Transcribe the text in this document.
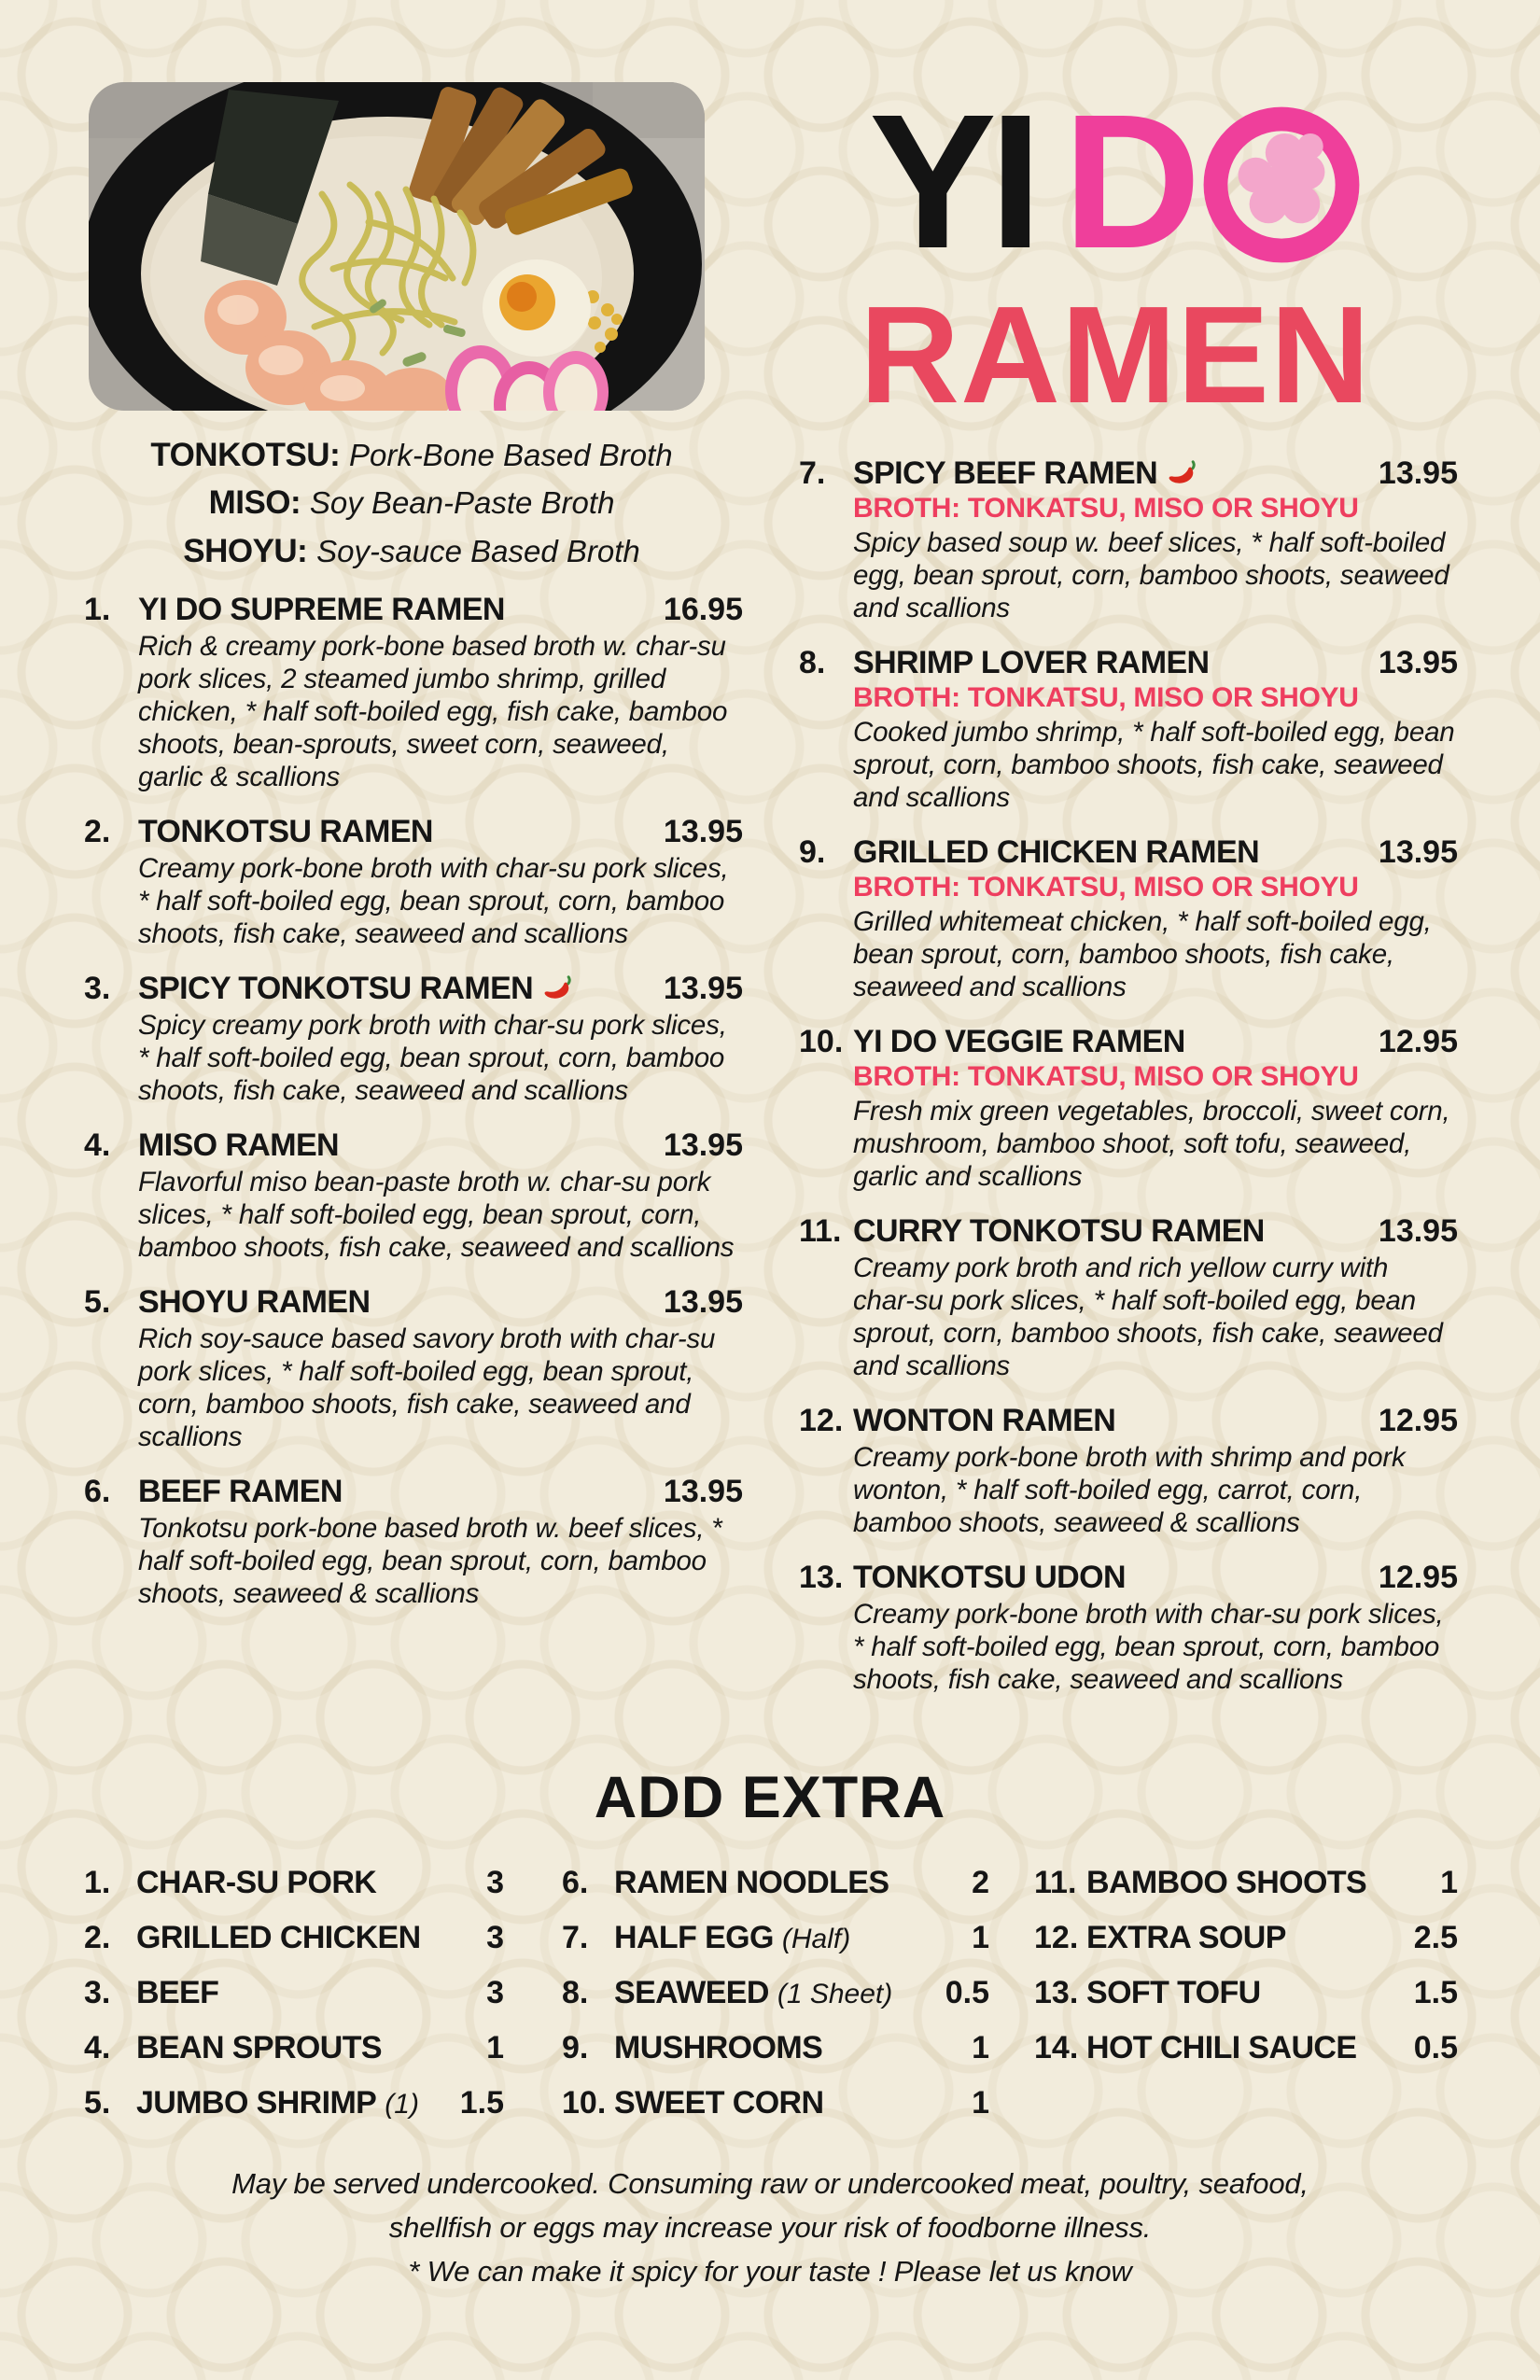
YI D
RAMEN
TONKOTSU: Pork-Bone Based Broth
MISO: Soy Bean-Paste Broth
SHOYU: Soy-sauce Based Broth
1. YI DO SUPREME RAMEN	16.95
Rich & creamy pork-bone based broth w. char-su pork slices, 2 steamed jumbo shrimp, grilled chicken, * half soft-boiled egg, fish cake, bamboo shoots, bean-sprouts, sweet corn, seaweed, garlic & scallions
2. TONKOTSU RAMEN	13.95
Creamy pork-bone broth with char-su pork slices, * half soft-boiled egg, bean sprout, corn, bamboo shoots, fish cake, seaweed and scallions
3. SPICY TONKOTSU RAMEN	13.95
Spicy creamy pork broth with char-su pork slices, * half soft-boiled egg, bean sprout, corn, bamboo shoots, fish cake, seaweed and scallions
4. MISO RAMEN	13.95
Flavorful miso bean-paste broth w. char-su pork slices, * half soft-boiled egg, bean sprout, corn, bamboo shoots, fish cake, seaweed and scallions
5. SHOYU RAMEN	13.95
Rich soy-sauce based savory broth with char-su pork slices, * half soft-boiled egg, bean sprout, corn, bamboo shoots, fish cake, seaweed and scallions
6. BEEF RAMEN	13.95
Tonkotsu pork-bone based broth w. beef slices, * half soft-boiled egg, bean sprout, corn, bamboo shoots, seaweed & scallions
7. SPICY BEEF RAMEN	13.95
BROTH: TONKATSU, MISO OR SHOYU
Spicy based soup w. beef slices, * half soft-boiled egg, bean sprout, corn, bamboo shoots, seaweed and scallions
8. SHRIMP LOVER RAMEN	13.95
BROTH: TONKATSU, MISO OR SHOYU
Cooked jumbo shrimp, * half soft-boiled egg, bean sprout, corn, bamboo shoots, fish cake, seaweed and scallions
9. GRILLED CHICKEN RAMEN	13.95
BROTH: TONKATSU, MISO OR SHOYU
Grilled whitemeat chicken, * half soft-boiled egg, bean sprout, corn, bamboo shoots, fish cake, seaweed and scallions
10. YI DO VEGGIE RAMEN	12.95
BROTH: TONKATSU, MISO OR SHOYU
Fresh mix green vegetables, broccoli, sweet corn, mushroom, bamboo shoot, soft tofu, seaweed, garlic and scallions
11. CURRY TONKOTSU RAMEN	13.95
Creamy pork broth and rich yellow curry with char-su pork slices, * half soft-boiled egg, bean sprout, corn, bamboo shoots, fish cake, seaweed and scallions
12. WONTON RAMEN	12.95
Creamy pork-bone broth with shrimp and pork wonton, * half soft-boiled egg, carrot, corn, bamboo shoots, seaweed & scallions
13. TONKOTSU UDON	12.95
Creamy pork-bone broth with char-su pork slices, * half soft-boiled egg, bean sprout, corn, bamboo shoots, fish cake, seaweed and scallions
ADD EXTRA
1. CHAR-SU PORK	3
2. GRILLED CHICKEN 3
3. BEEF	3
4. BEAN SPROUTS	1
5. JUMBO SHRIMP (1) 1.5
6. RAMEN NOODLES	2
7. HALF EGG (Half)	1
8. SEAWEED (1 Sheet) 0.5
9. MUSHROOMS	1
10. SWEET CORN	1
11. BAMBOO SHOOTS 1
12. EXTRA SOUP	2.5
13. SOFT TOFU	1.5
14. HOT CHILI SAUCE 0.5
May be served undercooked. Consuming raw or undercooked meat, poultry, seafood,
shellfish or eggs may increase your risk of foodborne illness.
* We can make it spicy for your taste ! Please let us know
